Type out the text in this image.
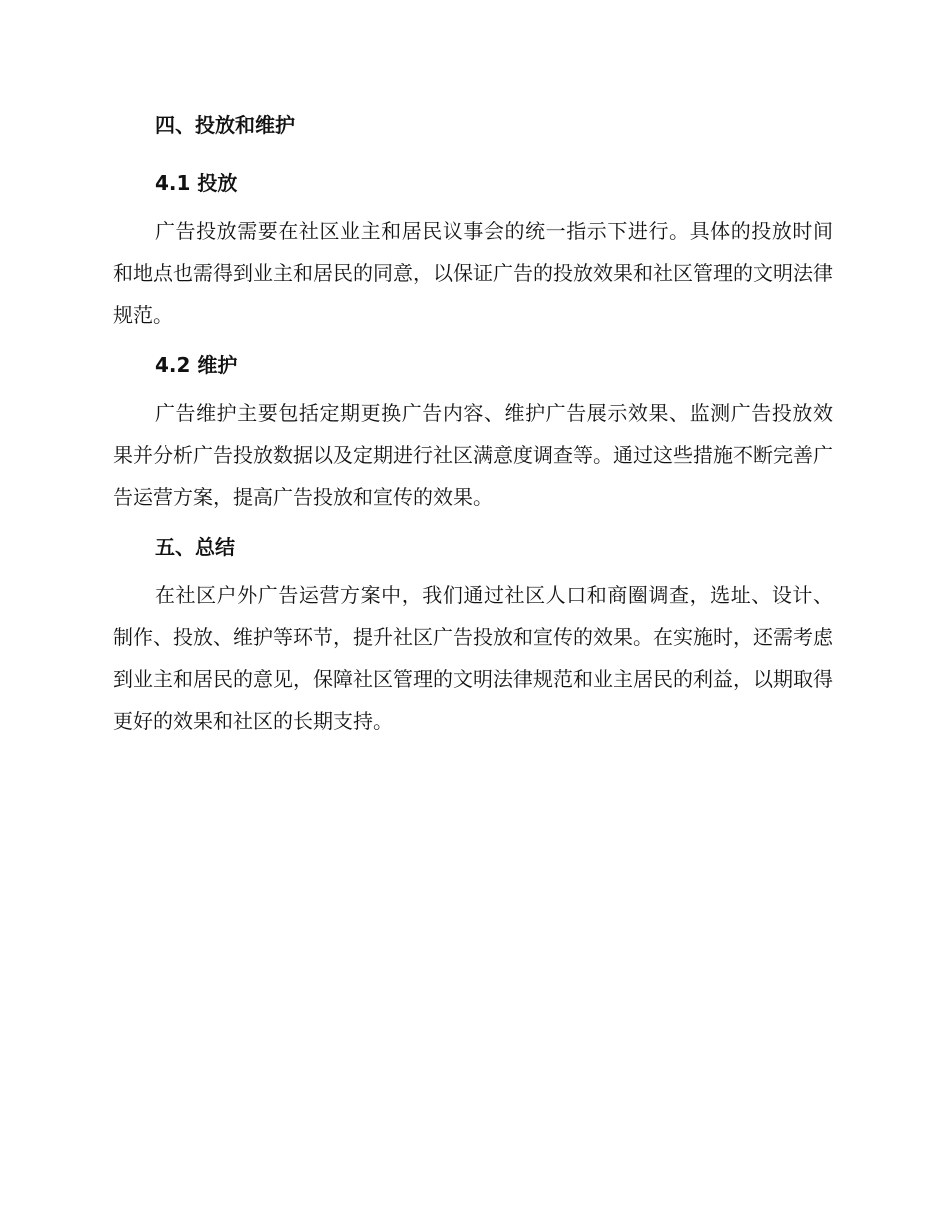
四、投放和维护
4.1 投放

广告投放需要在社区业主和居民议事会的统一指示下进行。具体的投放时间和地点也需得到业主和居民的同意，以保证广告的投放效果和社区管理的文明法律规范。

4.2 维护

广告维护主要包括定期更换广告内容、维护广告展示效果、监测广告投放效果并分析广告投放数据以及定期进行社区满意度调查等。通过这些措施不断完善广告运营方案，提高广告投放和宣传的效果。

五、总结

在社区户外广告运营方案中，我们通过社区人口和商圈调查，选址、设计、制作、投放、维护等环节，提升社区广告投放和宣传的效果。在实施时，还需考虑到业主和居民的意见，保障社区管理的文明法律规范和业主居民的利益，以期取得更好的效果和社区的长期支持。
